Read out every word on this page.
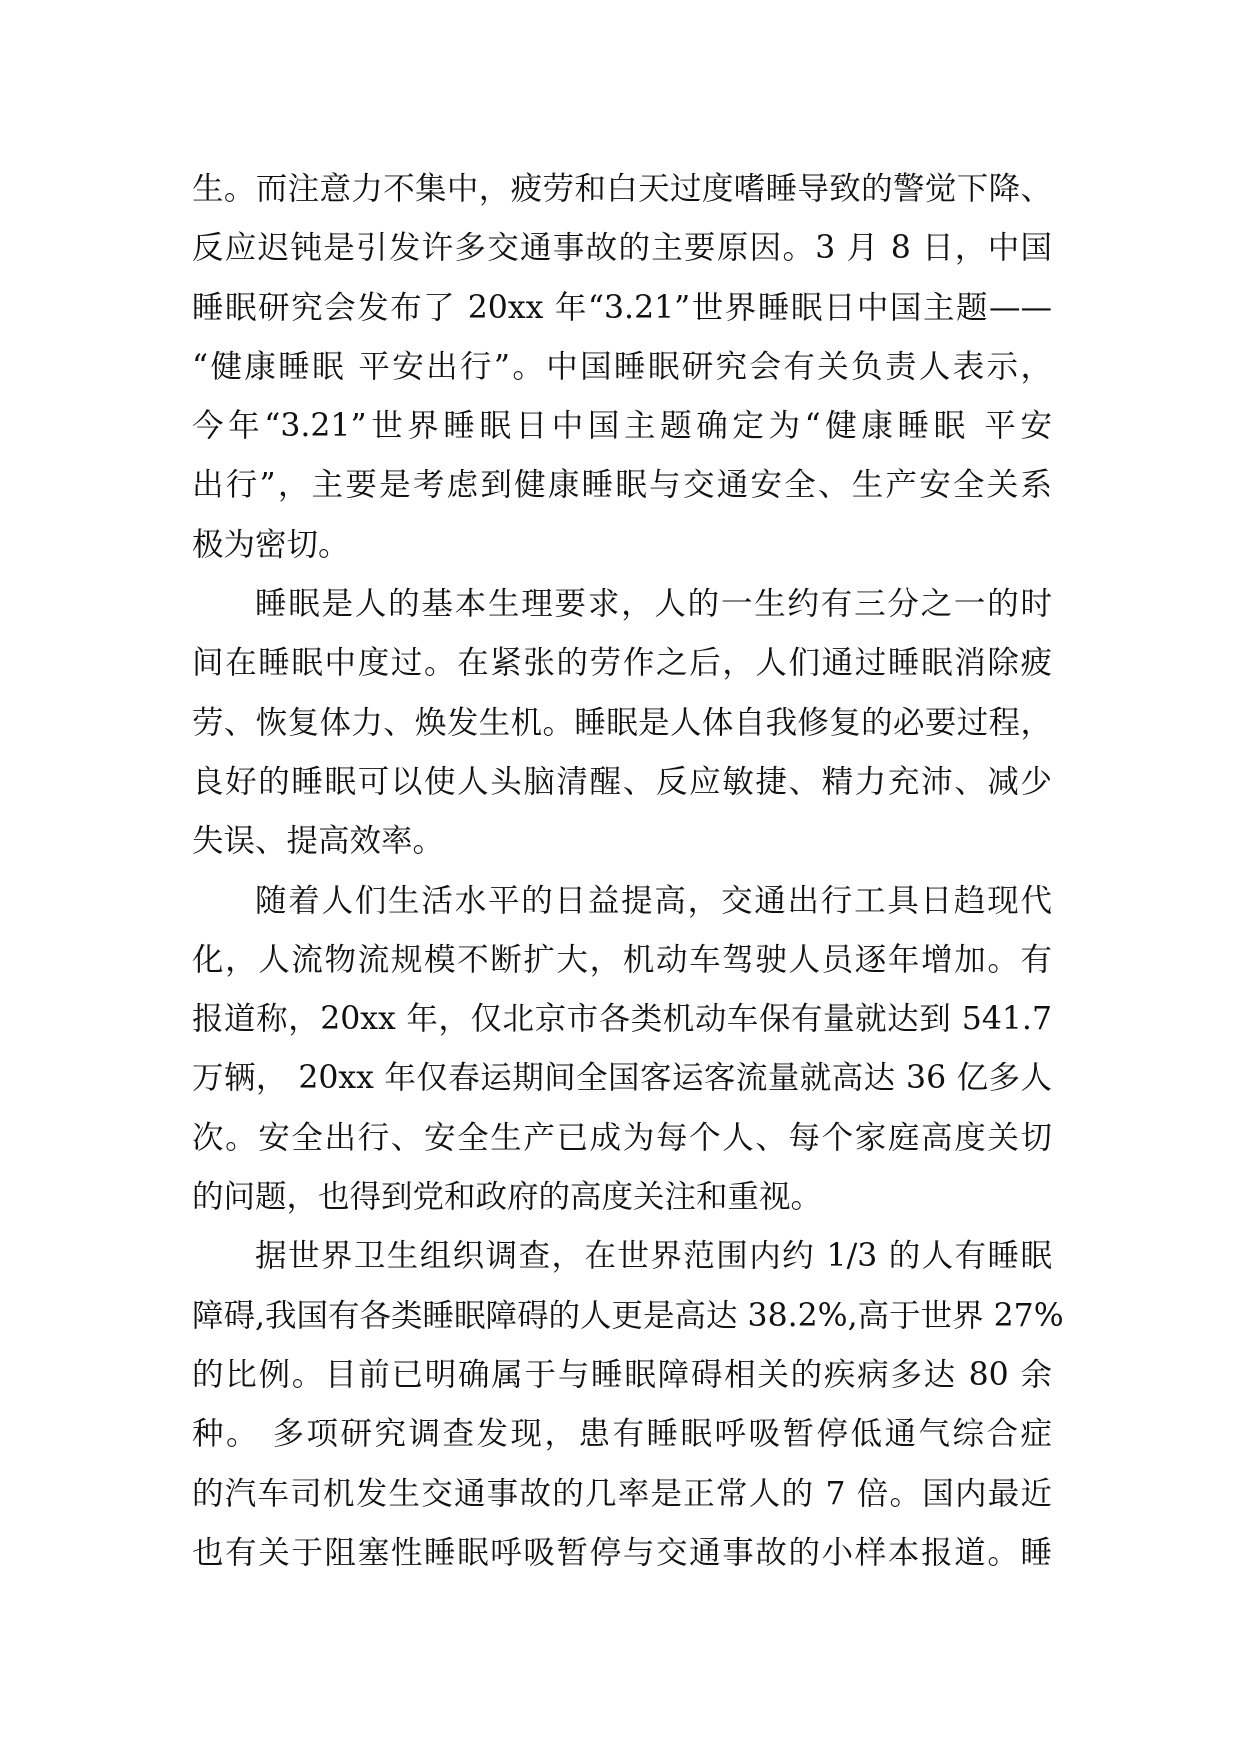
生。而注意力不集中，疲劳和白天过度嗜睡导致的警觉下降、
反应迟钝是引发许多交通事故的主要原因。3 月 8 日，中国
睡眠研究会发布了 20xx 年“3.21”世界睡眠日中国主题——
“健康睡眠 平安出行”。中国睡眠研究会有关负责人表示，
今年“3.21”世界睡眠日中国主题确定为“健康睡眠 平安
出行”，主要是考虑到健康睡眠与交通安全、生产安全关系
极为密切。
睡眠是人的基本生理要求，人的一生约有三分之一的时
间在睡眠中度过。在紧张的劳作之后，人们通过睡眠消除疲
劳、恢复体力、焕发生机。睡眠是人体自我修复的必要过程，
良好的睡眠可以使人头脑清醒、反应敏捷、精力充沛、减少
失误、提高效率。
随着人们生活水平的日益提高，交通出行工具日趋现代
化，人流物流规模不断扩大，机动车驾驶人员逐年增加。有
报道称，20xx 年，仅北京市各类机动车保有量就达到 541.7
万辆， 20xx 年仅春运期间全国客运客流量就高达 36 亿多人
次。安全出行、安全生产已成为每个人、每个家庭高度关切
的问题，也得到党和政府的高度关注和重视。
据世界卫生组织调查，在世界范围内约 1/3 的人有睡眠
障碍,我国有各类睡眠障碍的人更是高达 38.2%,高于世界 27%
的比例。目前已明确属于与睡眠障碍相关的疾病多达 80 余
种。 多项研究调查发现，患有睡眠呼吸暂停低通气综合症
的汽车司机发生交通事故的几率是正常人的 7 倍。国内最近
也有关于阻塞性睡眠呼吸暂停与交通事故的小样本报道。睡
